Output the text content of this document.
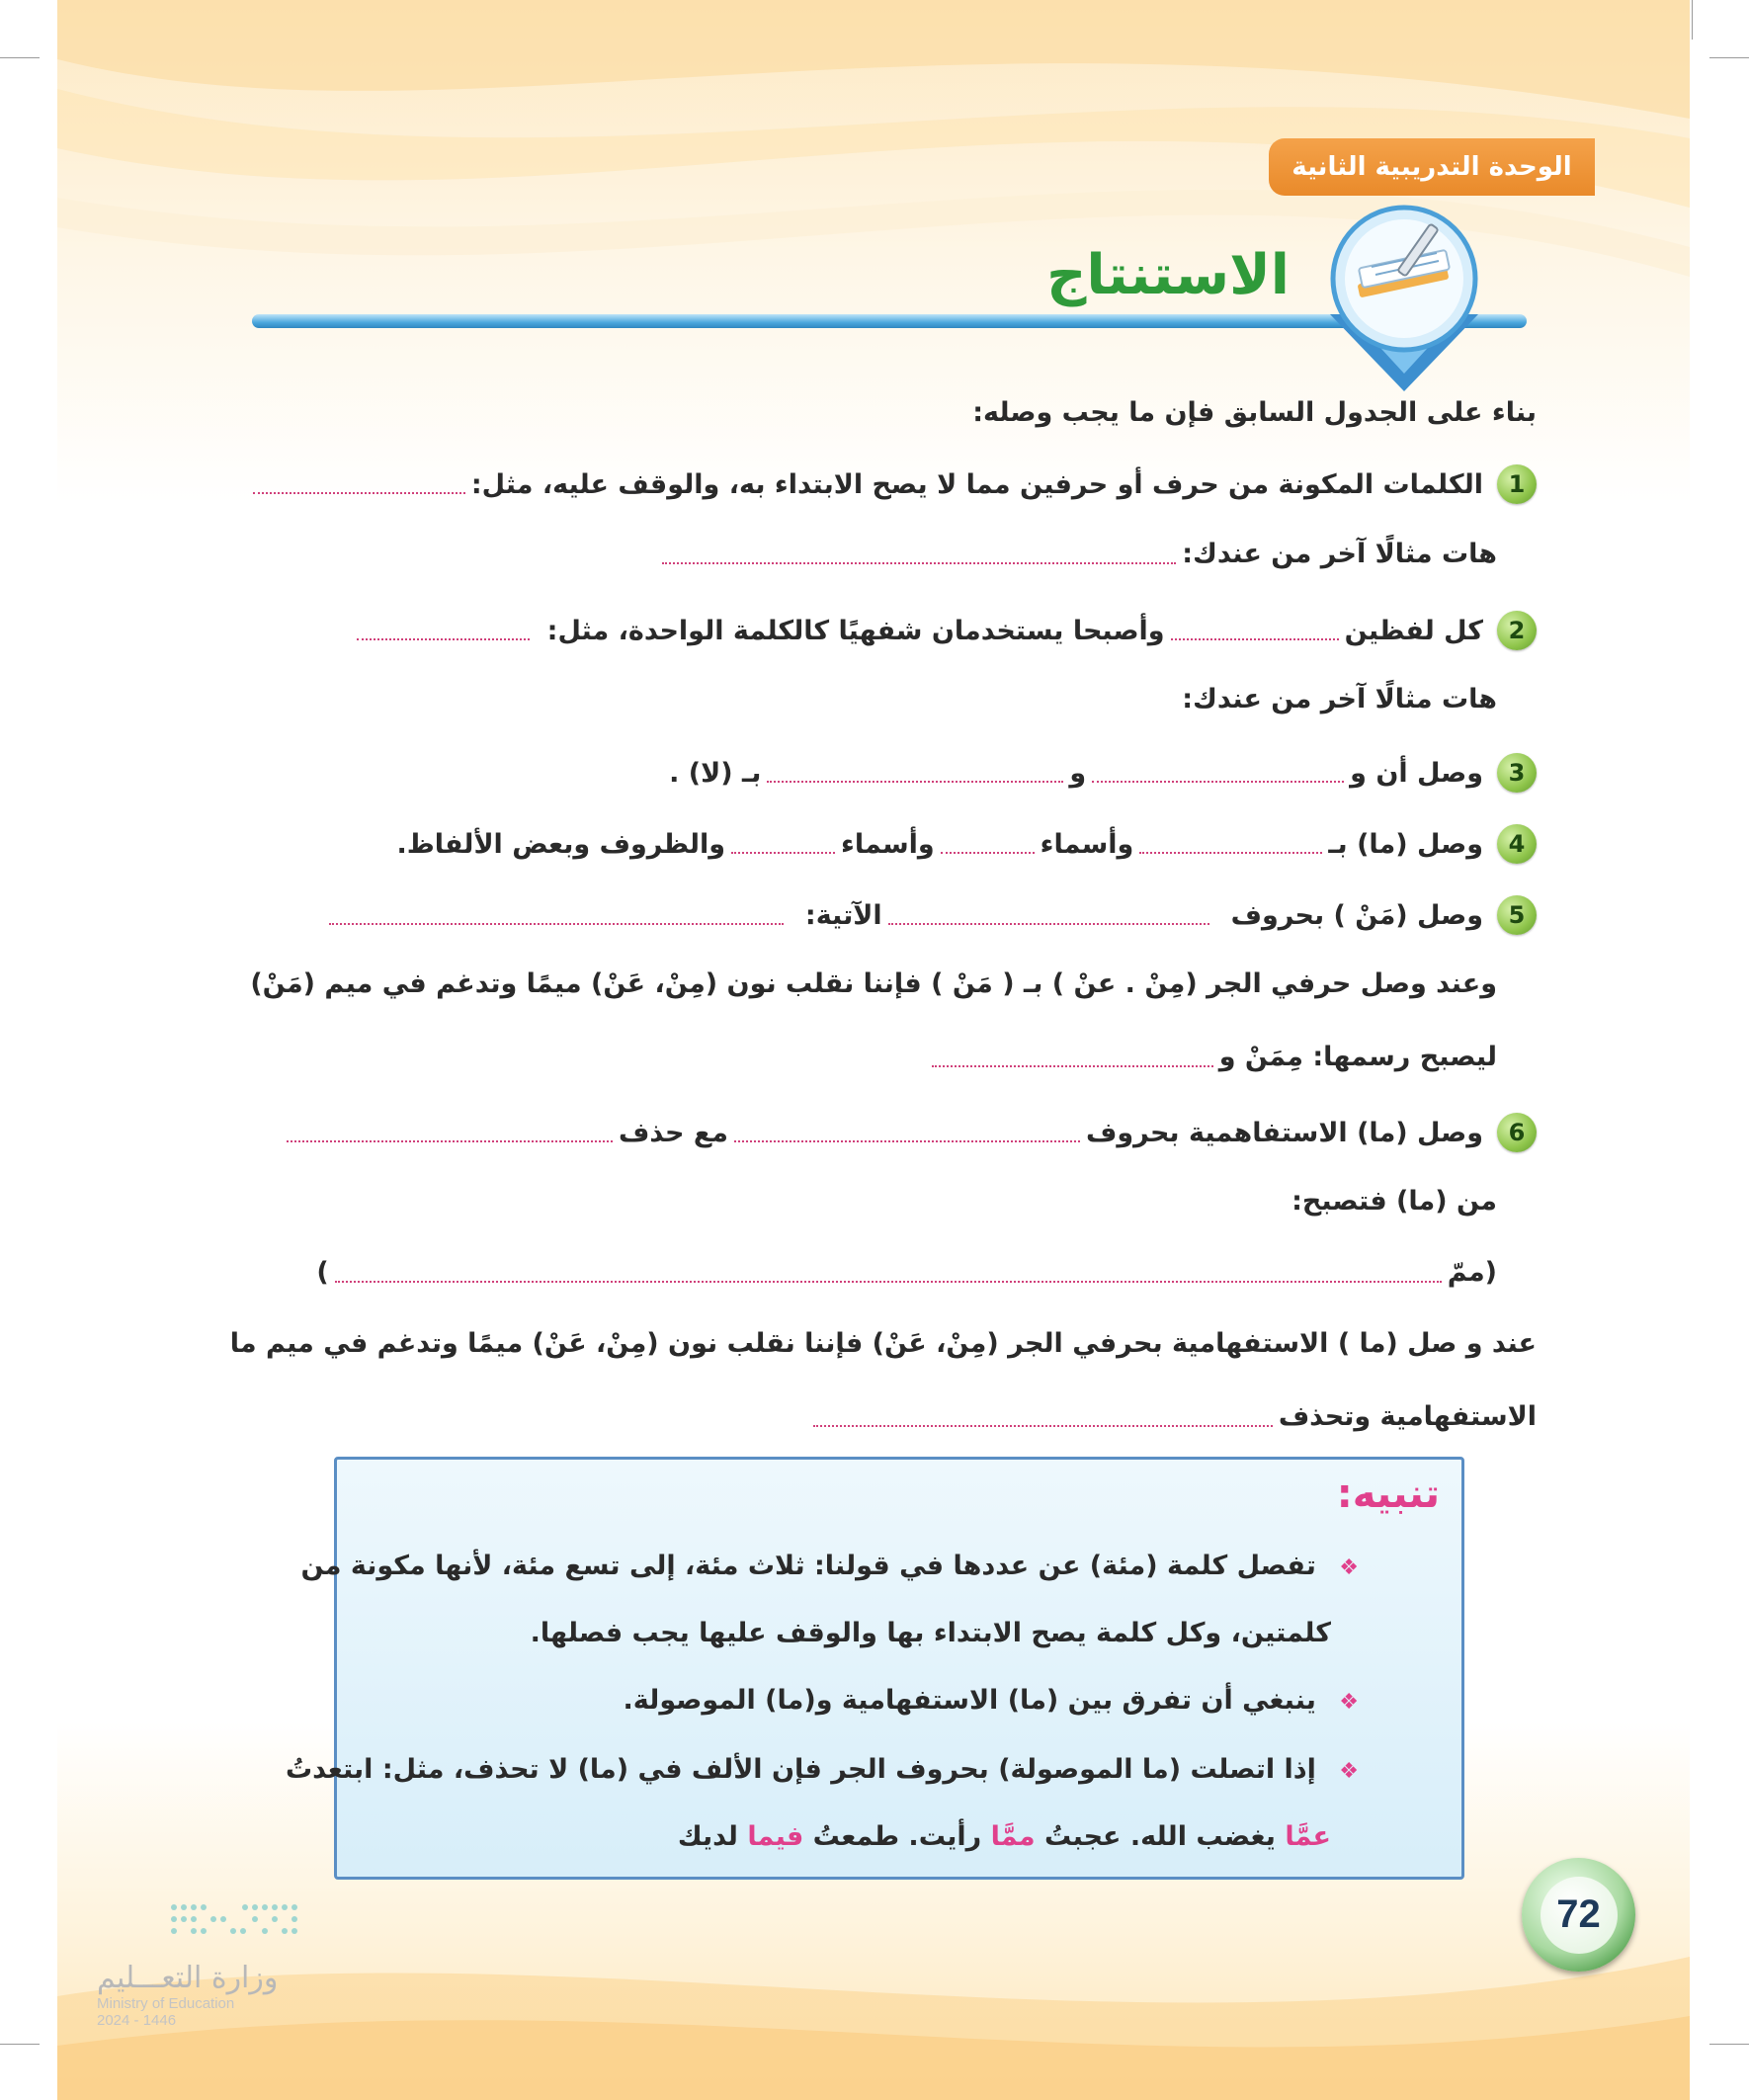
الوحدة التدريبية الثانية
الاستنتاج
بناء على الجدول السابق فإن ما يجب وصله:
1
الكلمات المكونة من حرف أو حرفين مما لا يصح الابتداء به، والوقف عليه، مثل:
هات مثالًا آخر من عندك:
2
كل لفظين
وأصبحا يستخدمان شفهيًا كالكلمة الواحدة، مثل:
هات مثالًا آخر من عندك:
3
وصل أن و
و
بـ (لا) .
4
وصل (ما) بـ
وأسماء
وأسماء
والظروف وبعض الألفاظ.
5
وصل (مَنْ ) بحروف
الآتية:
وعند وصل حرفي الجر (مِنْ . عنْ ) بـ ( مَنْ ) فإننا نقلب نون (مِنْ، عَنْ) ميمًا وتدغم في ميم (مَنْ)
ليصبح رسمها: مِمَنْ و
6
وصل (ما) الاستفاهمية بحروف
مع حذف
من (ما) فتصبح:
(ممّ
)
عند و صل (ما ) الاستفهامية بحرفي الجر (مِنْ، عَنْ) فإننا نقلب نون (مِنْ، عَنْ) ميمًا وتدغم في ميم ما
الاستفهامية وتحذف
تنبيه:
❖ تفصل كلمة (مئة) عن عددها في قولنا: ثلاث مئة، إلى تسع مئة، لأنها مكونة من
كلمتين، وكل كلمة يصح الابتداء بها والوقف عليها يجب فصلها.
❖ ينبغي أن تفرق بين (ما) الاستفهامية و(ما) الموصولة.
❖ إذا اتصلت (ما الموصولة) بحروف الجر فإن الألف في (ما) لا تحذف، مثل: ابتعدتُ
عمَّا يغضب الله. عجبتُ ممَّا رأيت. طمعتُ فيما لديك
72
وزارة التعـــليم
Ministry of Education
2024 - 1446
